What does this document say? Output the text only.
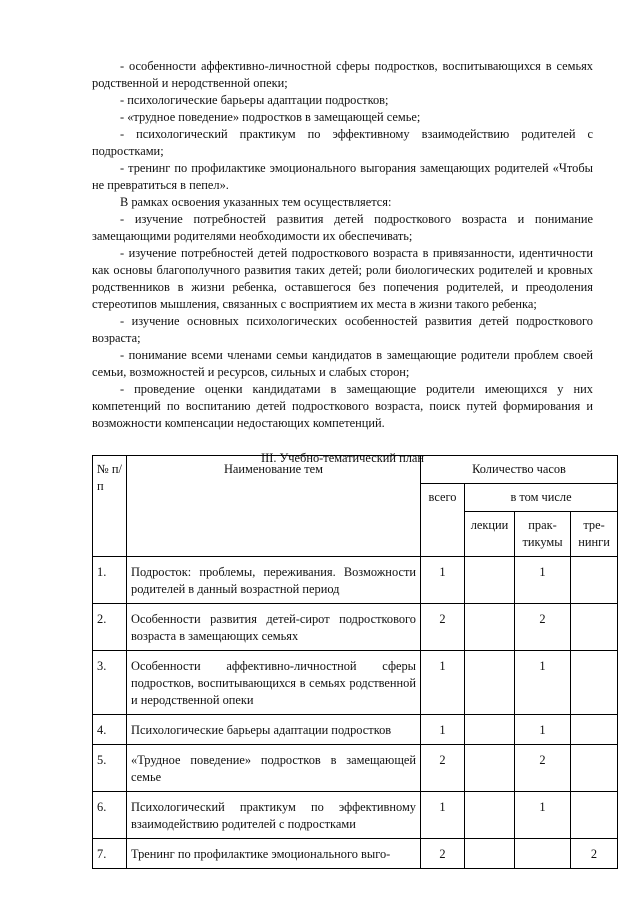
- особенности аффективно-личностной сферы подростков, воспитывающихся в семьях родственной и неродственной опеки;

- психологические барьеры адаптации подростков;

- «трудное поведение» подростков в замещающей семье;

- психологический практикум по эффективному взаимодействию родителей с подростками;

- тренинг по профилактике эмоционального выгорания замещающих родителей «Чтобы не превратиться в пепел».

В рамках освоения указанных тем осуществляется:

- изучение потребностей развития детей подросткового возраста и понимание замещающими родителями необходимости их обеспечивать;

- изучение потребностей детей подросткового возраста в привязанности, идентичности как основы благополучного развития таких детей; роли биологических родителей и кровных родственников в жизни ребенка, оставшегося без попечения родителей, и преодоления стереотипов мышления, связанных с восприятием их места в жизни такого ребенка;

- изучение основных психологических особенностей развития детей подросткового возраста;

- понимание всеми членами семьи кандидатов в замещающие родители проблем своей семьи, возможностей и ресурсов, сильных и слабых сторон;

- проведение оценки кандидатами в замещающие родители имеющихся у них компетенций по воспитанию детей подросткового возраста, поиск путей формирования и возможности компенсации недостающих компетенций.

III. Учебно-тематический план
№ п/п	Наименование тем	Количество часов			
		всего	в том числе		
			лекции	прак-тикумы	тре-нинги
1.	Подросток: проблемы, переживания. Возможности родителей в данный возрастной период	1		1	
2.	Особенности развития детей-сирот подросткового возраста в замещающих семьях	2		2	
3.	Особенности аффективно-личностной сферы подростков, воспитывающихся в семьях родственной и неродственной опеки	1		1	
4.	Психологические барьеры адаптации подростков	1		1	
5.	«Трудное поведение» подростков в замещающей семье	2		2	
6.	Психологический практикум по эффективному взаимодействию родителей с подростками	1		1	
7.	Тренинг по профилактике эмоционального выго-	2			2
